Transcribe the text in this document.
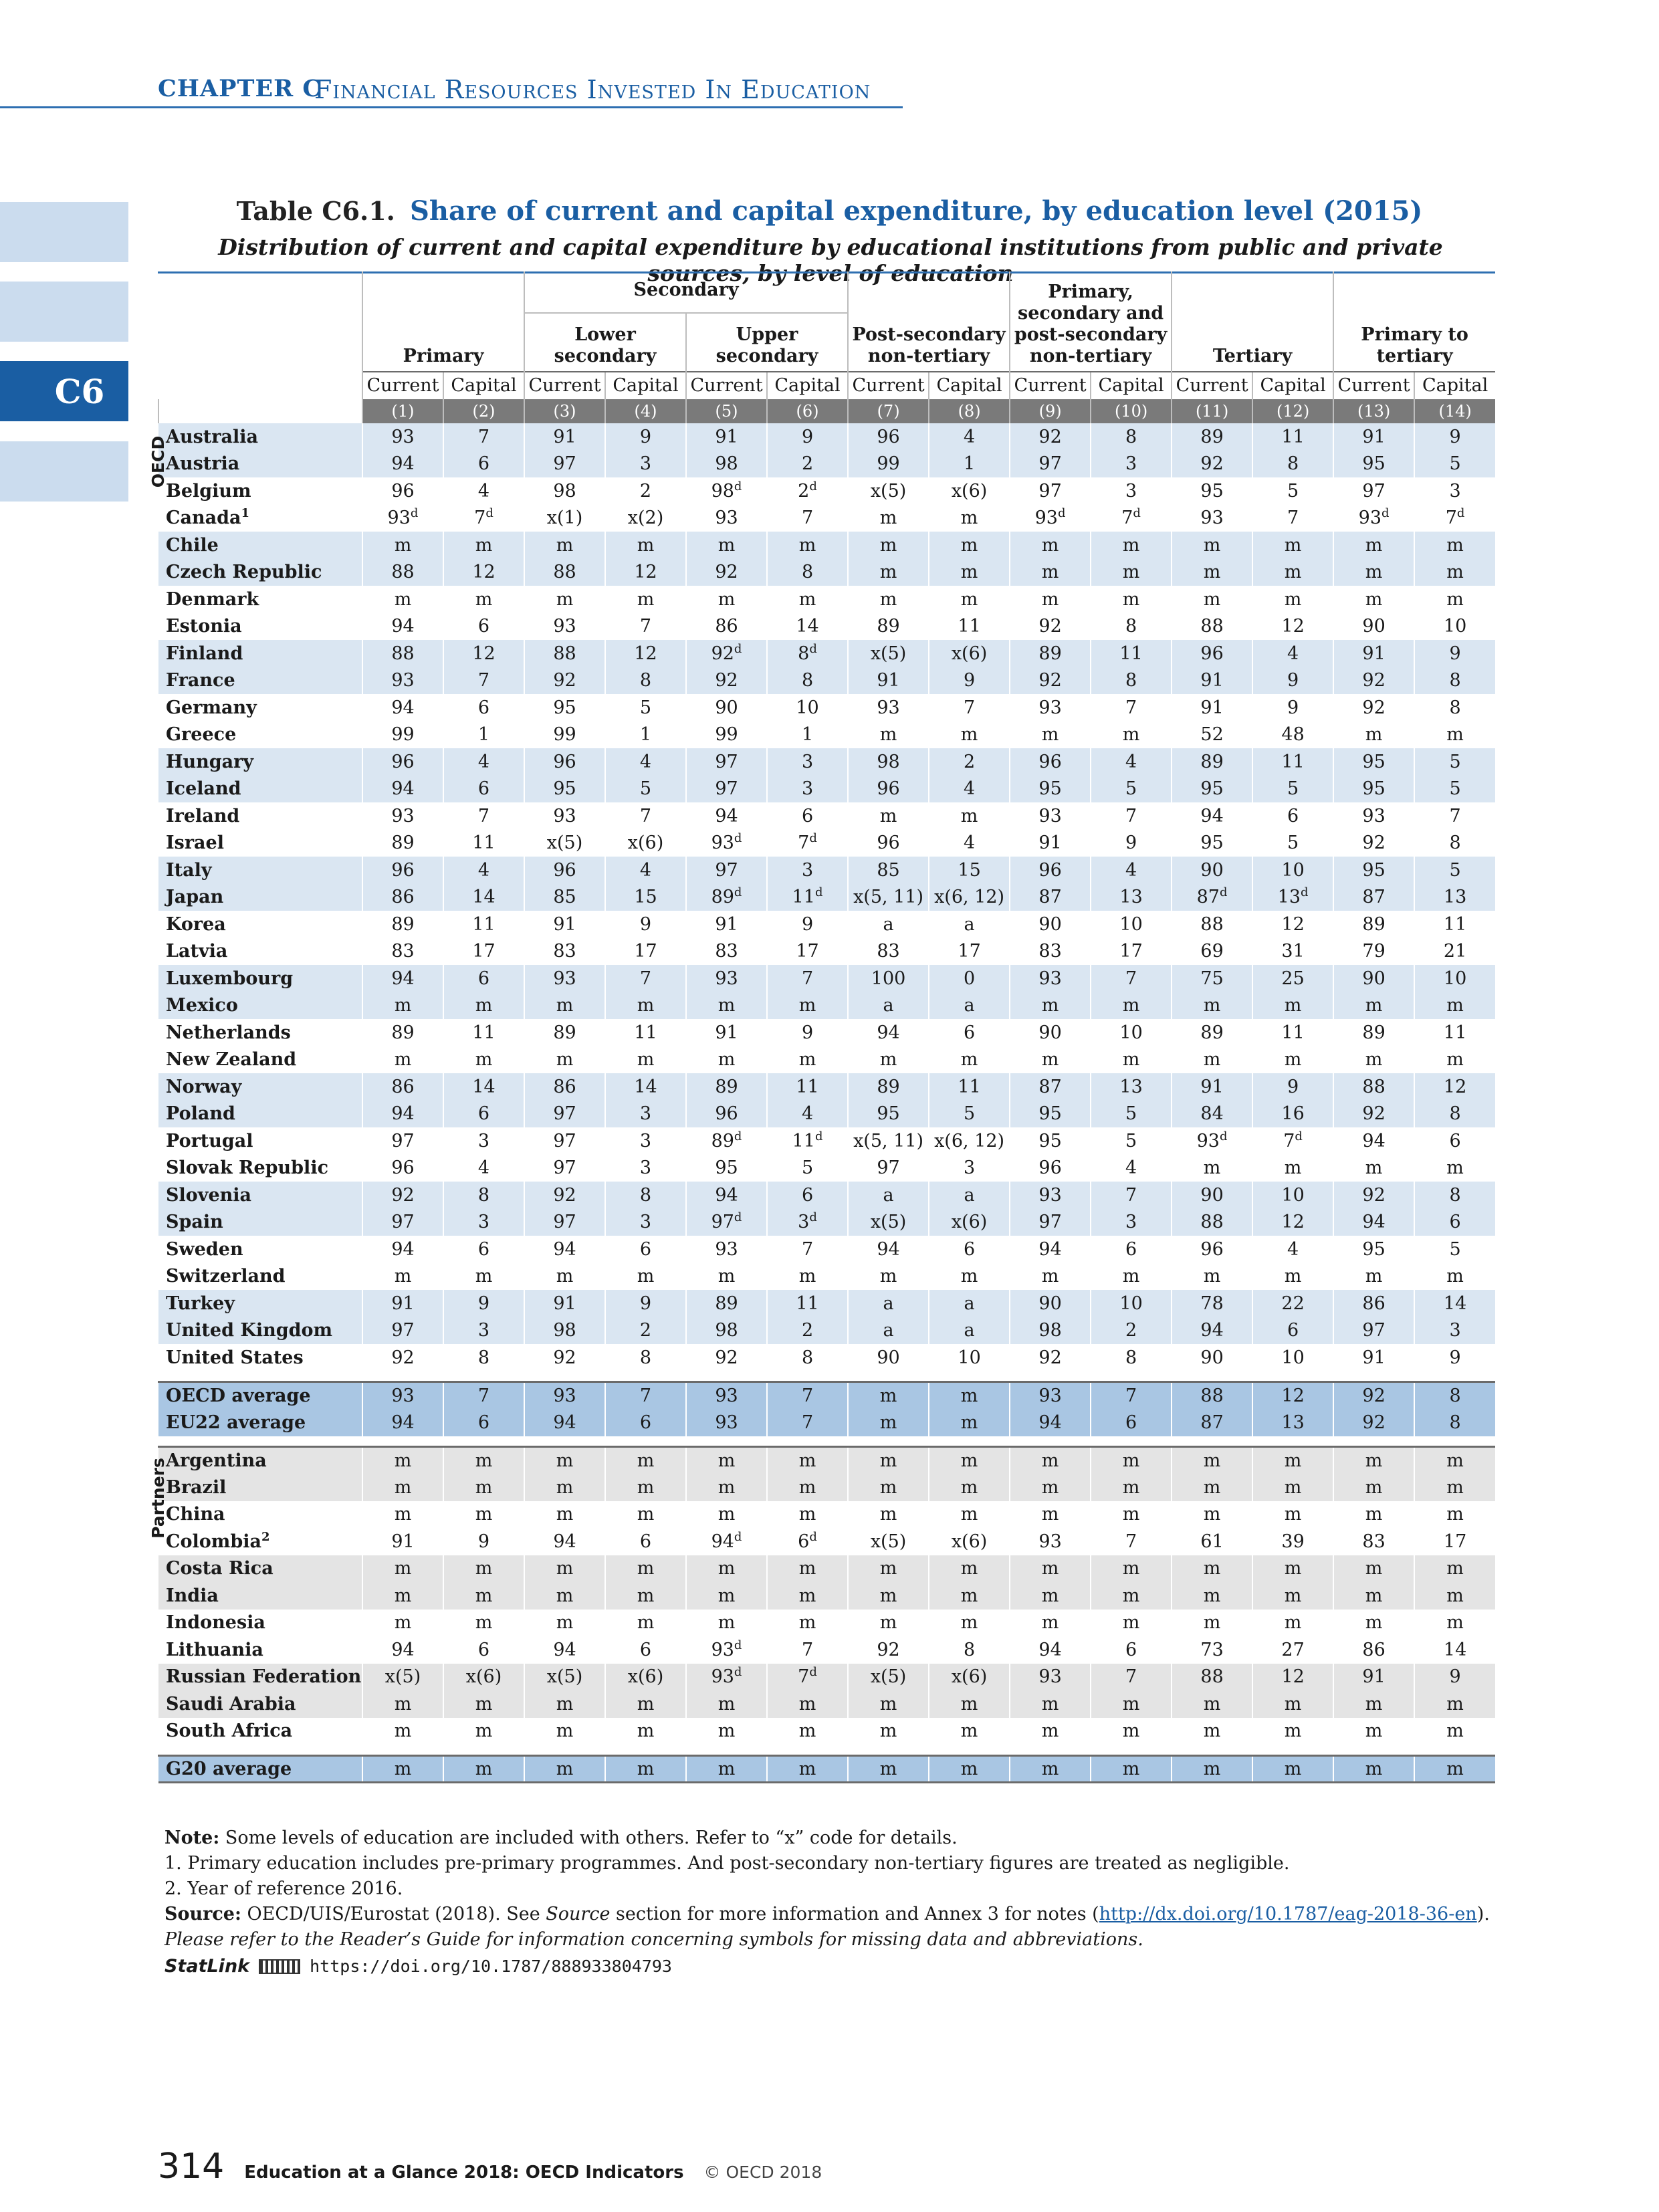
CHAPTER C
Financial Resources Invested In Education
C6
Table C6.1. Share of current and capital expenditure, by education level (2015)
Distribution of current and capital expenditure by educational institutions from public and private sources, by level of education
	Primary		Secondary				Post-secondary non-tertiary		Primary, secondary and post-secondary non-tertiary		Tertiary		Primary to tertiary	
			Lower secondary		Upper secondary									
	Current	Capital	Current	Capital	Current	Capital	Current	Capital	Current	Capital	Current	Capital	Current	Capital
	(1)	(2)	(3)	(4)	(5)	(6)	(7)	(8)	(9)	(10)	(11)	(12)	(13)	(14)
Australia	93	7	91	9	91	9	96	4	92	8	89	11	91	9
Austria	94	6	97	3	98	2	99	1	97	3	92	8	95	5
Belgium	96	4	98	2	98$^d$	2$^d$	x(5)	x(6)	97	3	95	5	97	3
Canada$^1$	93$^d$	7$^d$	x(1)	x(2)	93	7	m	m	93$^d$	7$^d$	93	7	93$^d$	7$^d$
Chile	m	m	m	m	m	m	m	m	m	m	m	m	m	m
Czech Republic	88	12	88	12	92	8	m	m	m	m	m	m	m	m
Denmark	m	m	m	m	m	m	m	m	m	m	m	m	m	m
Estonia	94	6	93	7	86	14	89	11	92	8	88	12	90	10
Finland	88	12	88	12	92$^d$	8$^d$	x(5)	x(6)	89	11	96	4	91	9
France	93	7	92	8	92	8	91	9	92	8	91	9	92	8
Germany	94	6	95	5	90	10	93	7	93	7	91	9	92	8
Greece	99	1	99	1	99	1	m	m	m	m	52	48	m	m
Hungary	96	4	96	4	97	3	98	2	96	4	89	11	95	5
Iceland	94	6	95	5	97	3	96	4	95	5	95	5	95	5
Ireland	93	7	93	7	94	6	m	m	93	7	94	6	93	7
Israel	89	11	x(5)	x(6)	93$^d$	7$^d$	96	4	91	9	95	5	92	8
Italy	96	4	96	4	97	3	85	15	96	4	90	10	95	5
Japan	86	14	85	15	89$^d$	11$^d$	x(5, 11)	x(6, 12)	87	13	87$^d$	13$^d$	87	13
Korea	89	11	91	9	91	9	a	a	90	10	88	12	89	11
Latvia	83	17	83	17	83	17	83	17	83	17	69	31	79	21
Luxembourg	94	6	93	7	93	7	100	0	93	7	75	25	90	10
Mexico	m	m	m	m	m	m	a	a	m	m	m	m	m	m
Netherlands	89	11	89	11	91	9	94	6	90	10	89	11	89	11
New Zealand	m	m	m	m	m	m	m	m	m	m	m	m	m	m
Norway	86	14	86	14	89	11	89	11	87	13	91	9	88	12
Poland	94	6	97	3	96	4	95	5	95	5	84	16	92	8
Portugal	97	3	97	3	89$^d$	11$^d$	x(5, 11)	x(6, 12)	95	5	93$^d$	7$^d$	94	6
Slovak Republic	96	4	97	3	95	5	97	3	96	4	m	m	m	m
Slovenia	92	8	92	8	94	6	a	a	93	7	90	10	92	8
Spain	97	3	97	3	97$^d$	3$^d$	x(5)	x(6)	97	3	88	12	94	6
Sweden	94	6	94	6	93	7	94	6	94	6	96	4	95	5
Switzerland	m	m	m	m	m	m	m	m	m	m	m	m	m	m
Turkey	91	9	91	9	89	11	a	a	90	10	78	22	86	14
United Kingdom	97	3	98	2	98	2	a	a	98	2	94	6	97	3
United States	92	8	92	8	92	8	90	10	92	8	90	10	91	9

OECD average	93	7	93	7	93	7	m	m	93	7	88	12	92	8
EU22 average	94	6	94	6	93	7	m	m	94	6	87	13	92	8

Argentina	m	m	m	m	m	m	m	m	m	m	m	m	m	m
Brazil	m	m	m	m	m	m	m	m	m	m	m	m	m	m
China	m	m	m	m	m	m	m	m	m	m	m	m	m	m
Colombia$^2$	91	9	94	6	94$^d$	6$^d$	x(5)	x(6)	93	7	61	39	83	17
Costa Rica	m	m	m	m	m	m	m	m	m	m	m	m	m	m
India	m	m	m	m	m	m	m	m	m	m	m	m	m	m
Indonesia	m	m	m	m	m	m	m	m	m	m	m	m	m	m
Lithuania	94	6	94	6	93$^d$	7	92	8	94	6	73	27	86	14
Russian Federation	x(5)	x(6)	x(5)	x(6)	93$^d$	7$^d$	x(5)	x(6)	93	7	88	12	91	9
Saudi Arabia	m	m	m	m	m	m	m	m	m	m	m	m	m	m
South Africa	m	m	m	m	m	m	m	m	m	m	m	m	m	m

G20 average	m	m	m	m	m	m	m	m	m	m	m	m	m	m
OECD
Partners
Note: Some levels of education are included with others. Refer to “x” code for details.
1. Primary education includes pre-primary programmes. And post-secondary non-tertiary figures are treated as negligible.
2. Year of reference 2016.
Source: OECD/UIS/Eurostat (2018). See Source section for more information and Annex 3 for notes (http://dx.doi.org/10.1787/eag-2018-36-en).
Please refer to the Reader’s Guide for information concerning symbols for missing data and abbreviations.
StatLink	https://doi.org/10.1787/888933804793
314 Education at a Glance 2018: OECD Indicators © OECD 2018
